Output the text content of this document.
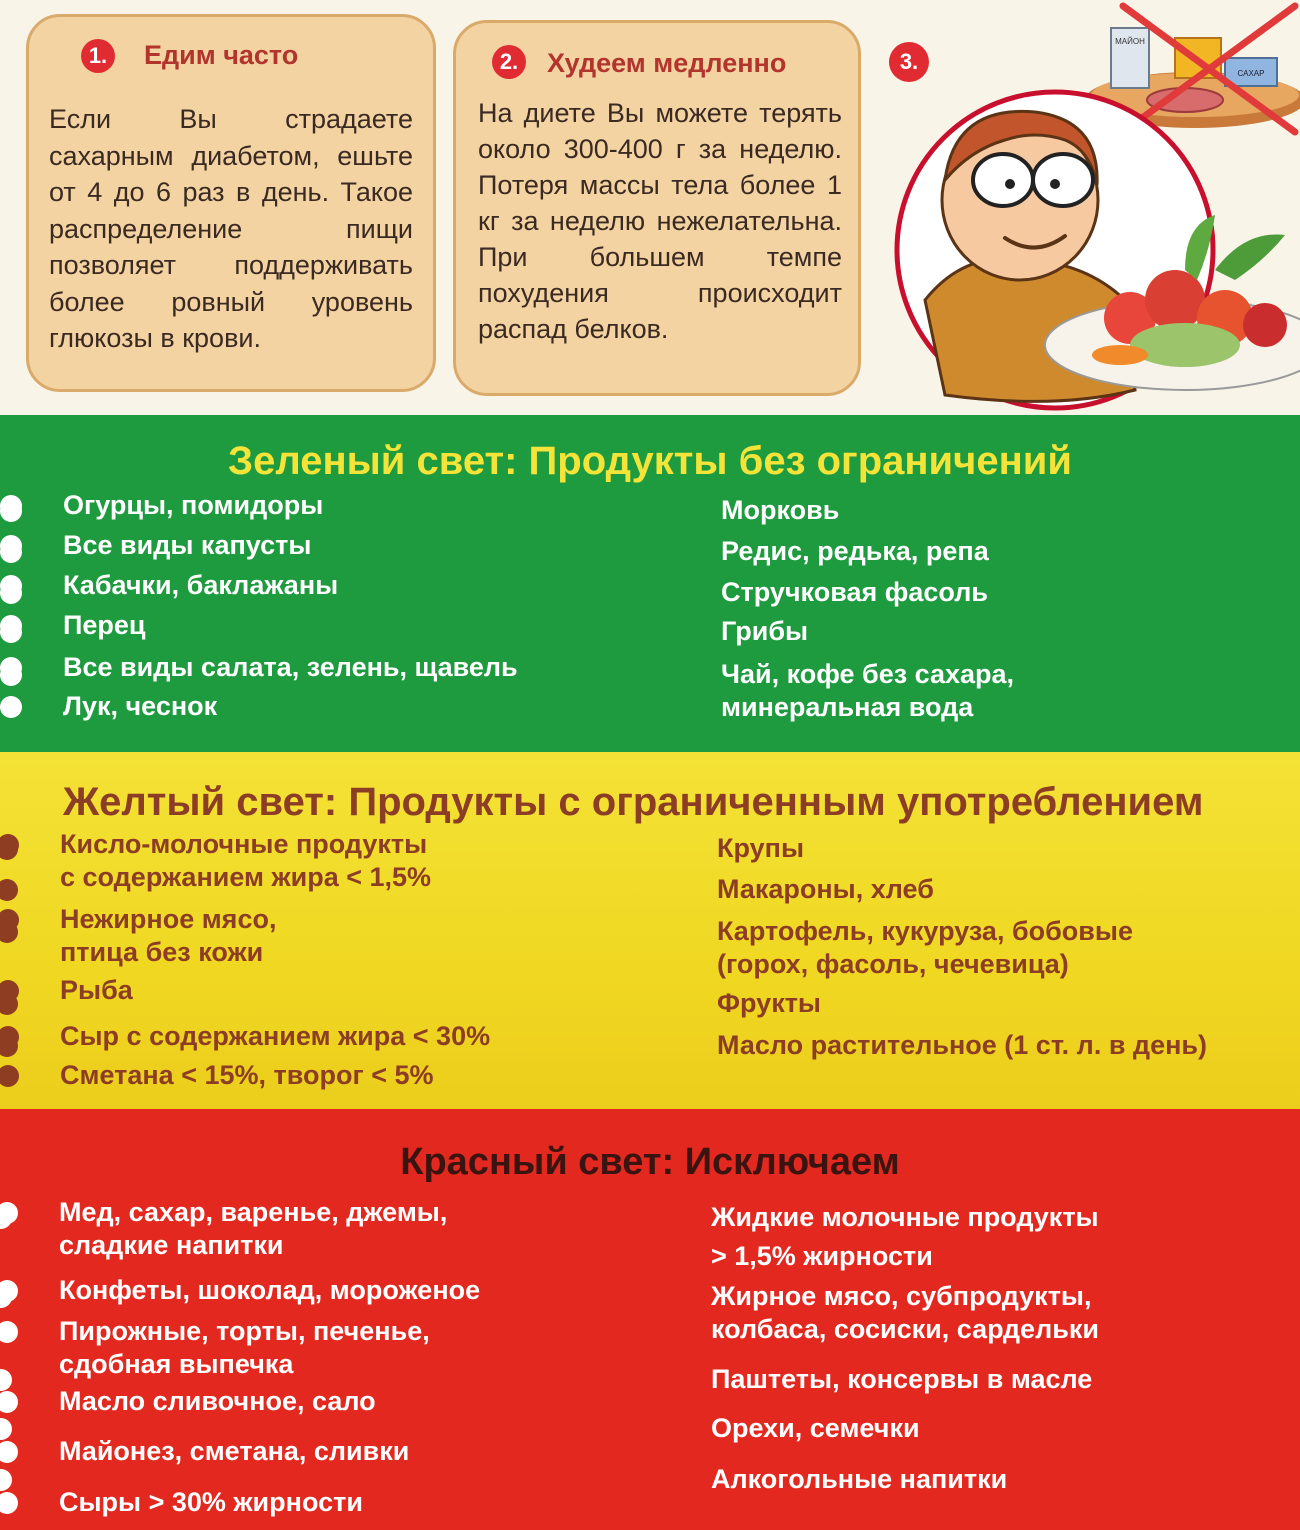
1. Едим часто
Если Вы страдаете сахарным диабетом, ешьте от 4 до 6 раз в день. Такое распределение пищи позволяет поддерживать более ровный уровень глюкозы в крови.
2. Худеем медленно
На диете Вы можете терять около 300-400 г за неделю. Потеря массы тела более 1 кг за неделю нежелательна. При большем темпе похудения происходит распад белков.
3.
МАЙОН
САХАР
Зеленый свет: Продукты без ограничений
Огурцы, помидоры
Все виды капусты
Кабачки, баклажаны
Перец
Все виды салата, зелень, щавель
Лук, чеснок
Морковь
Редис, редька, репа
Стручковая фасоль
Грибы
Чай, кофе без сахара,
минеральная вода
Желтый свет: Продукты с ограниченным употреблением
Кисло-молочные продукты
с содержанием жира < 1,5%
Нежирное мясо,
птица без кожи
Рыба
Сыр с содержанием жира < 30%
Сметана < 15%, творог < 5%
Крупы
Макароны, хлеб
Картофель, кукуруза, бобовые
(горох, фасоль, чечевица)
Фрукты
Масло растительное (1 ст. л. в день)
Красный свет: Исключаем
Мед, сахар, варенье, джемы,
сладкие напитки
Конфеты, шоколад, мороженое
Пирожные, торты, печенье,
сдобная выпечка
Масло сливочное, сало
Майонез, сметана, сливки
Сыры > 30% жирности
Жидкие молочные продукты
> 1,5% жирности
Жирное мясо, субпродукты,
колбаса, сосиски, сардельки
Паштеты, консервы в масле
Орехи, семечки
Алкогольные напитки
